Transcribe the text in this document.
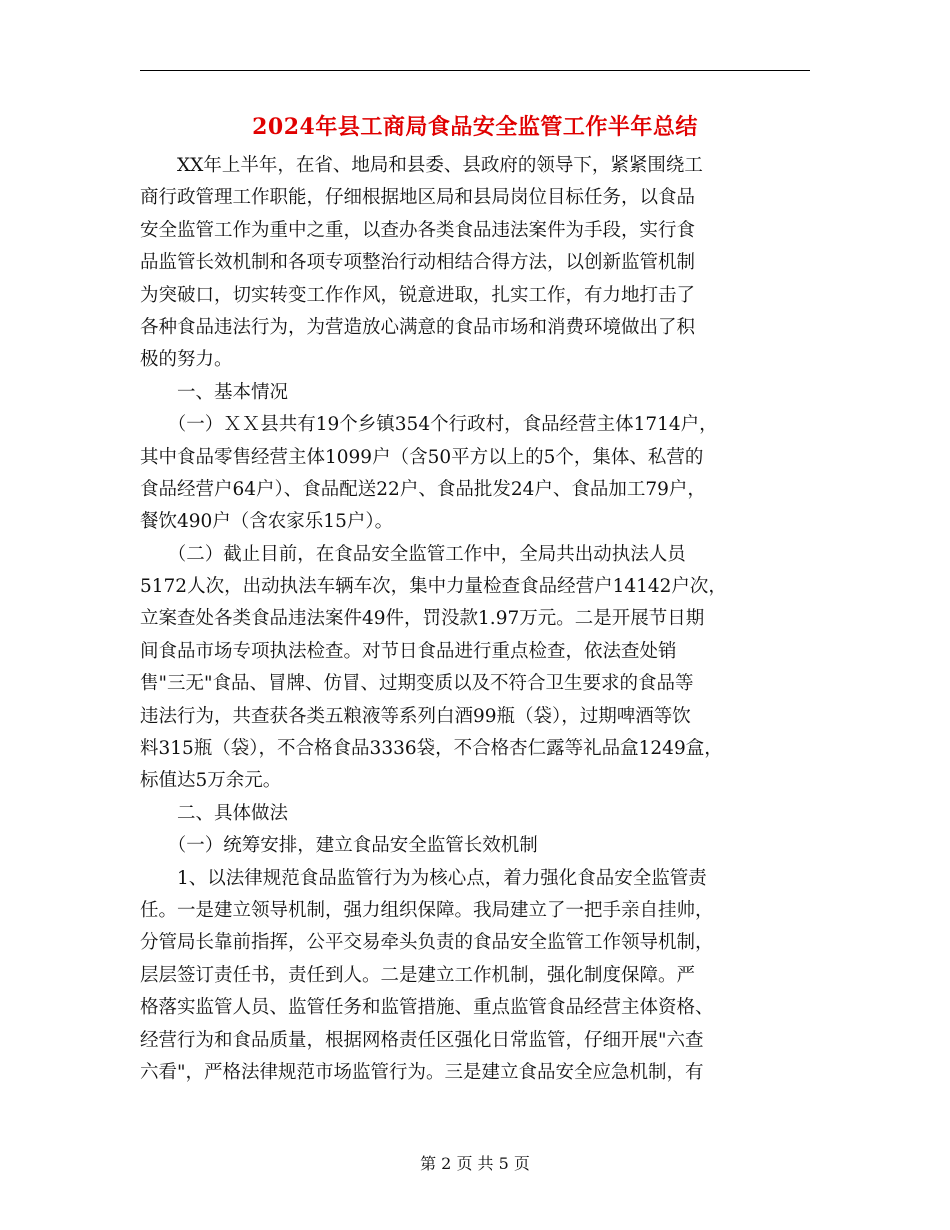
2024年县工商局食品安全监管工作半年总结
　　XX年上半年，在省、地局和县委、县政府的领导下，紧紧围绕工
商行政管理工作职能，仔细根据地区局和县局岗位目标任务，以食品
安全监管工作为重中之重，以查办各类食品违法案件为手段，实行食
品监管长效机制和各项专项整治行动相结合得方法，以创新监管机制
为突破口，切实转变工作作风，锐意进取，扎实工作，有力地打击了
各种食品违法行为，为营造放心满意的食品市场和消费环境做出了积
极的努力。
　　一、基本情况
　　（一）ＸＸ县共有19个乡镇354个行政村，食品经营主体1714户，
其中食品零售经营主体1099户（含50平方以上的5个，集体、私营的
食品经营户64户）、食品配送22户、食品批发24户、食品加工79户，
餐饮490户（含农家乐15户）。
　　（二）截止目前，在食品安全监管工作中，全局共出动执法人员
5172人次，出动执法车辆车次，集中力量检查食品经营户14142户次，
立案查处各类食品违法案件49件，罚没款1.97万元。二是开展节日期
间食品市场专项执法检查。对节日食品进行重点检查，依法查处销
售"三无"食品、冒牌、仿冒、过期变质以及不符合卫生要求的食品等
违法行为，共查获各类五粮液等系列白酒99瓶（袋），过期啤酒等饮
料315瓶（袋），不合格食品3336袋，不合格杏仁露等礼品盒1249盒，
标值达5万余元。
　　二、具体做法
　　（一）统筹安排，建立食品安全监管长效机制
　　1、以法律规范食品监管行为为核心点，着力强化食品安全监管责
任。一是建立领导机制，强力组织保障。我局建立了一把手亲自挂帅，
分管局长靠前指挥，公平交易牵头负责的食品安全监管工作领导机制，
层层签订责任书，责任到人。二是建立工作机制，强化制度保障。严
格落实监管人员、监管任务和监管措施、重点监管食品经营主体资格、
经营行为和食品质量，根据网格责任区强化日常监管，仔细开展"六查
六看"，严格法律规范市场监管行为。三是建立食品安全应急机制，有
第 2 页 共 5 页
